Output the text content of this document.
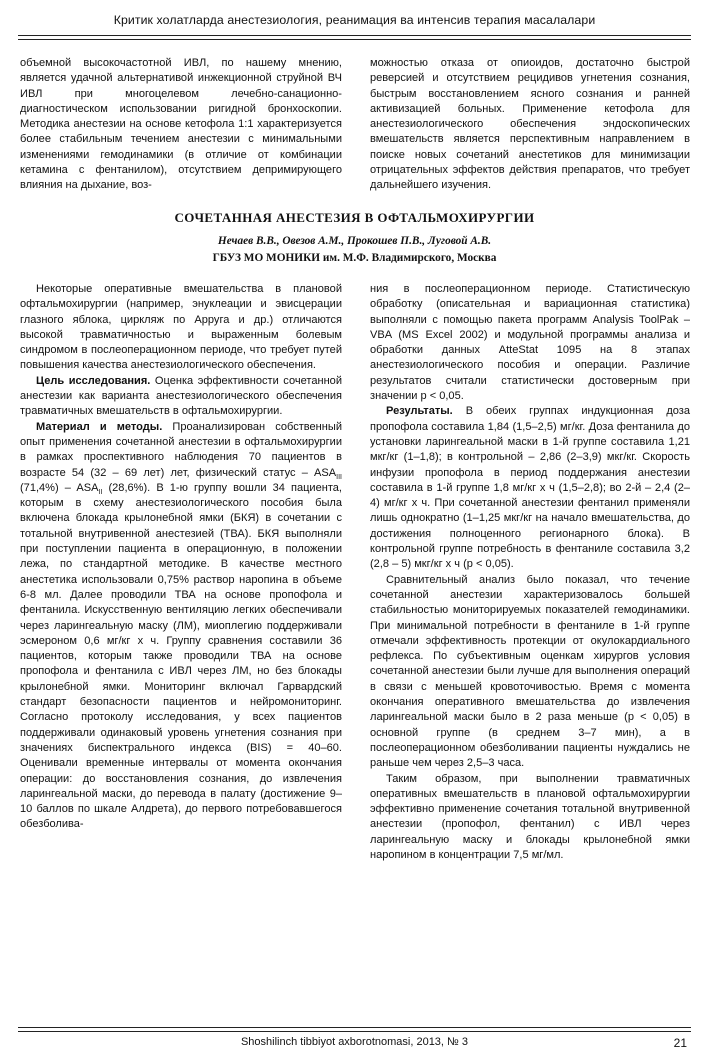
Критик холатларда анестезиология, реанимация ва интенсив терапия масалалари

объемной высокочастотной ИВЛ, по нашему мнению, является удачной альтернативой инжекционной струйной ВЧ ИВЛ при многоцелевом лечебно-санационно-диагностическом использовании ригидной бронхоскопии. Методика анестезии на основе кетофола 1:1 характеризуется более стабильным течением анестезии с минимальными изменениями гемодинамики (в отличие от комбинации кетамина с фентанилом), отсутствием депримирующего влияния на дыхание, воз-

можностью отказа от опиоидов, достаточно быстрой реверсией и отсутствием рецидивов угнетения сознания, быстрым восстановлением ясного сознания и ранней активизацией больных. Применение кетофола для анестезиологического обеспечения эндоскопических вмешательств является перспективным направлением в поиске новых сочетаний анестетиков для минимизации отрицательных эффектов действия препаратов, что требует дальнейшего изучения.

СОЧЕТАННАЯ АНЕСТЕЗИЯ В ОФТАЛЬМОХИРУРГИИ

Нечаев В.В., Овезов А.М., Прокошев П.В., Луговой А.В.
ГБУЗ МО МОНИКИ им. М.Ф. Владимирского, Москва

Некоторые оперативные вмешательства в плановой офтальмохирургии (например, энуклеации и эвисцерации глазного яблока, циркляж по Арруга и др.) отличаются высокой травматичностью и выраженным болевым синдромом в послеоперационном периоде, что требует путей повышения качества анестезиологического обеспечения.

Цель исследования. Оценка эффективности сочетанной анестезии как варианта анестезиологического обеспечения травматичных вмешательств в офтальмохирургии.

Материал и методы. Проанализирован собственный опыт применения сочетанной анестезии в офтальмохирургии в рамках проспективного наблюдения 70 пациентов в возрасте 54 (32 – 69 лет) лет, физический статус – $ASA_{III}$ $(71,4\%) - ASA_{II}$ (28,6%). В 1-ю группу вошли 34 пациента, которым в схему анестезиологического пособия была включена блокада крылонебной ямки (БКЯ) в сочетании с тотальной внутривенной анестезией (ТВА). БКЯ выполняли при поступлении пациента в операционную, в положении лежа, по стандартной методике. В качестве местного анестетика использовали 0,75% раствор наропина в объеме 6-8 мл. Далее проводили ТВА на основе пропофола и фентанила. Искусственную вентиляцию легких обеспечивали через ларингеальную маску (ЛМ), миоплегию поддерживали эсмероном 0,6 мг/кг х ч. Группу сравнения составили 36 пациентов, которым также проводили ТВА на основе пропофола и фентанила с ИВЛ через ЛМ, но без блокады крылонебной ямки. Мониторинг включал Гарвардский стандарт безопасности пациентов и нейромониторинг. Согласно протоколу исследования, у всех пациентов поддерживали одинаковый уровень угнетения сознания при значениях биспектрального индекса (BIS) = 40–60. Оценивали временные интервалы от момента окончания операции: до восстановления сознания, до извлечения ларингеальной маски, до перевода в палату (достижение 9–10 баллов по шкале Алдрета), до первого потребовавшегося обезболива-

ния в послеоперационном периоде. Статистическую обработку (описательная и вариационная статистика) выполняли с помощью пакета программ Analysis ToolPak – VBA (MS Excel 2002) и модульной программы анализа и обработки данных AtteStat 1095 на 8 этапах анестезиологического пособия и операции. Различие результатов считали статистически достоверным при значении р < 0,05.

Результаты. В обеих группах индукционная доза пропофола составила 1,84 (1,5–2,5) мг/кг. Доза фентанила до установки ларингеальной маски в 1-й группе составила 1,21 мкг/кг (1–1,8); в контрольной – 2,86 (2–3,9) мкг/кг. Скорость инфузии пропофола в период поддержания анестезии составила в 1-й группе 1,8 мг/кг х ч (1,5–2,8); во 2-й – 2,4 (2–4) мг/кг х ч. При сочетанной анестезии фентанил применяли лишь однократно (1–1,25 мкг/кг на начало вмешательства, до достижения полноценного регионарного блока). В контрольной группе потребность в фентаниле составила 3,2 (2,8 – 5) мкг/кг х ч (р < 0,05).

Сравнительный анализ было показал, что течение сочетанной анестезии характеризовалось большей стабильностью мониторируемых показателей гемодинамики. При минимальной потребности в фентаниле в 1-й группе отмечали эффективность протекции от окулокардиального рефлекса. По субъективным оценкам хирургов условия сочетанной анестезии были лучше для выполнения операций в связи с меньшей кровоточивостью. Время с момента окончания оперативного вмешательства до извлечения ларингеальной маски было в 2 раза меньше (р < 0,05) в основной группе (в среднем 3–7 мин), а в послеоперационном обезболивании пациенты нуждались не раньше чем через 2,5–3 часа.

Таким образом, при выполнении травматичных оперативных вмешательств в плановой офтальмохирургии эффективно применение сочетания тотальной внутривенной анестезии (пропофол, фентанил) с ИВЛ через ларингеальную маску и блокады крылонебной ямки наропином в концентрации 7,5 мг/мл.

Shoshilinch tibbiyot axborotnomasi, 2013, № 3	21
